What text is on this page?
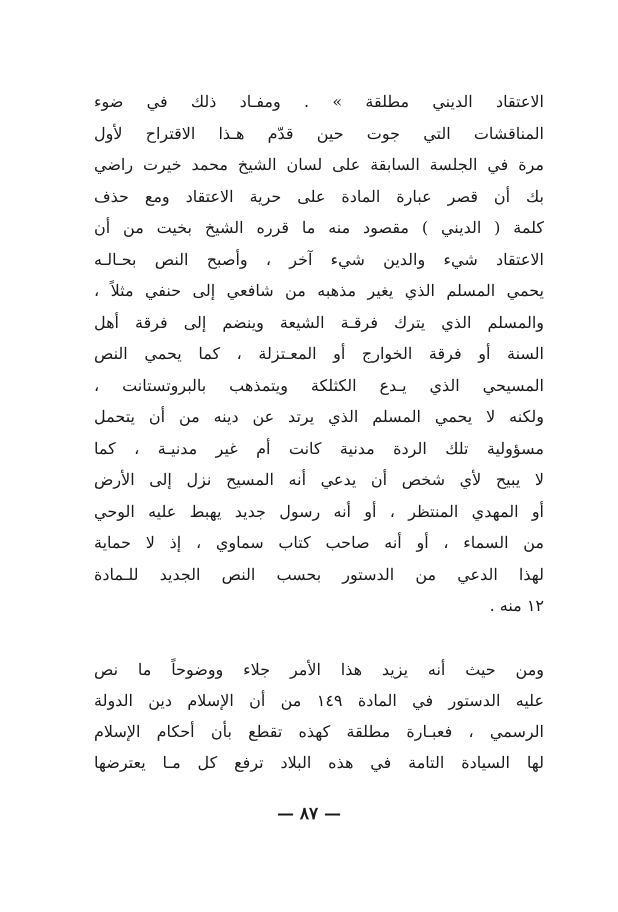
الاعتقاد الديني مطلقة » . ومفـاد ذلك في ضوء
المناقشات التي جوت حين قدّم هـذا الاقتراح لأول
مرة في الجلسة السابقة على لسان الشيخ محمد خيرت راضي
بك أن قصر عبارة المادة على حرية الاعتقاد ومع حذف
كلمة ( الديني ) مقصود منه ما قرره الشيخ بخيت من أن
الاعتقاد شيء والدين شيء آخر ، وأصبح النص بحـالـه
يحمي المسلم الذي يغير مذهبه من شافعي إلى حنفي مثلاً ،
والمسلم الذي يترك فرقـة الشيعة وينضم إلى فرقة أهل
السنة أو فرقة الخوارج أو المعـتزلة ، كما يحمي النص
المسيحي الذي يـدع الكثلكة ويتمذهب بالبروتستانت ،
ولكنه لا يحمي المسلم الذي يرتد عن دينه من أن يتحمل
مسؤولية تلك الردة مدنية كانت أم غير مدنيـة ، كما
لا يبيح لأي شخص أن يدعي أنه المسيح نزل إلى الأرض
أو المهدي المنتظر ، أو أنه رسول جديد يهبط عليه الوحي
من السماء ، أو أنه صاحب كتاب سماوي ، إذ لا حماية
لهذا الدعي من الدستور بحسب النص الجديد للـمادة
١٢ منه .
ومن حيث أنه يزيد هذا الأمر جلاء ووضوحاً ما نص
عليه الدستور في المادة ١٤٩ من أن الإسلام دين الدولة
الرسمي ، فعبـارة مطلقة كهذه تقطع بأن أحكام الإسلام
لها السيادة التامة في هذه البلاد ترفع كل مـا يعترضها
— ٨٧ —
